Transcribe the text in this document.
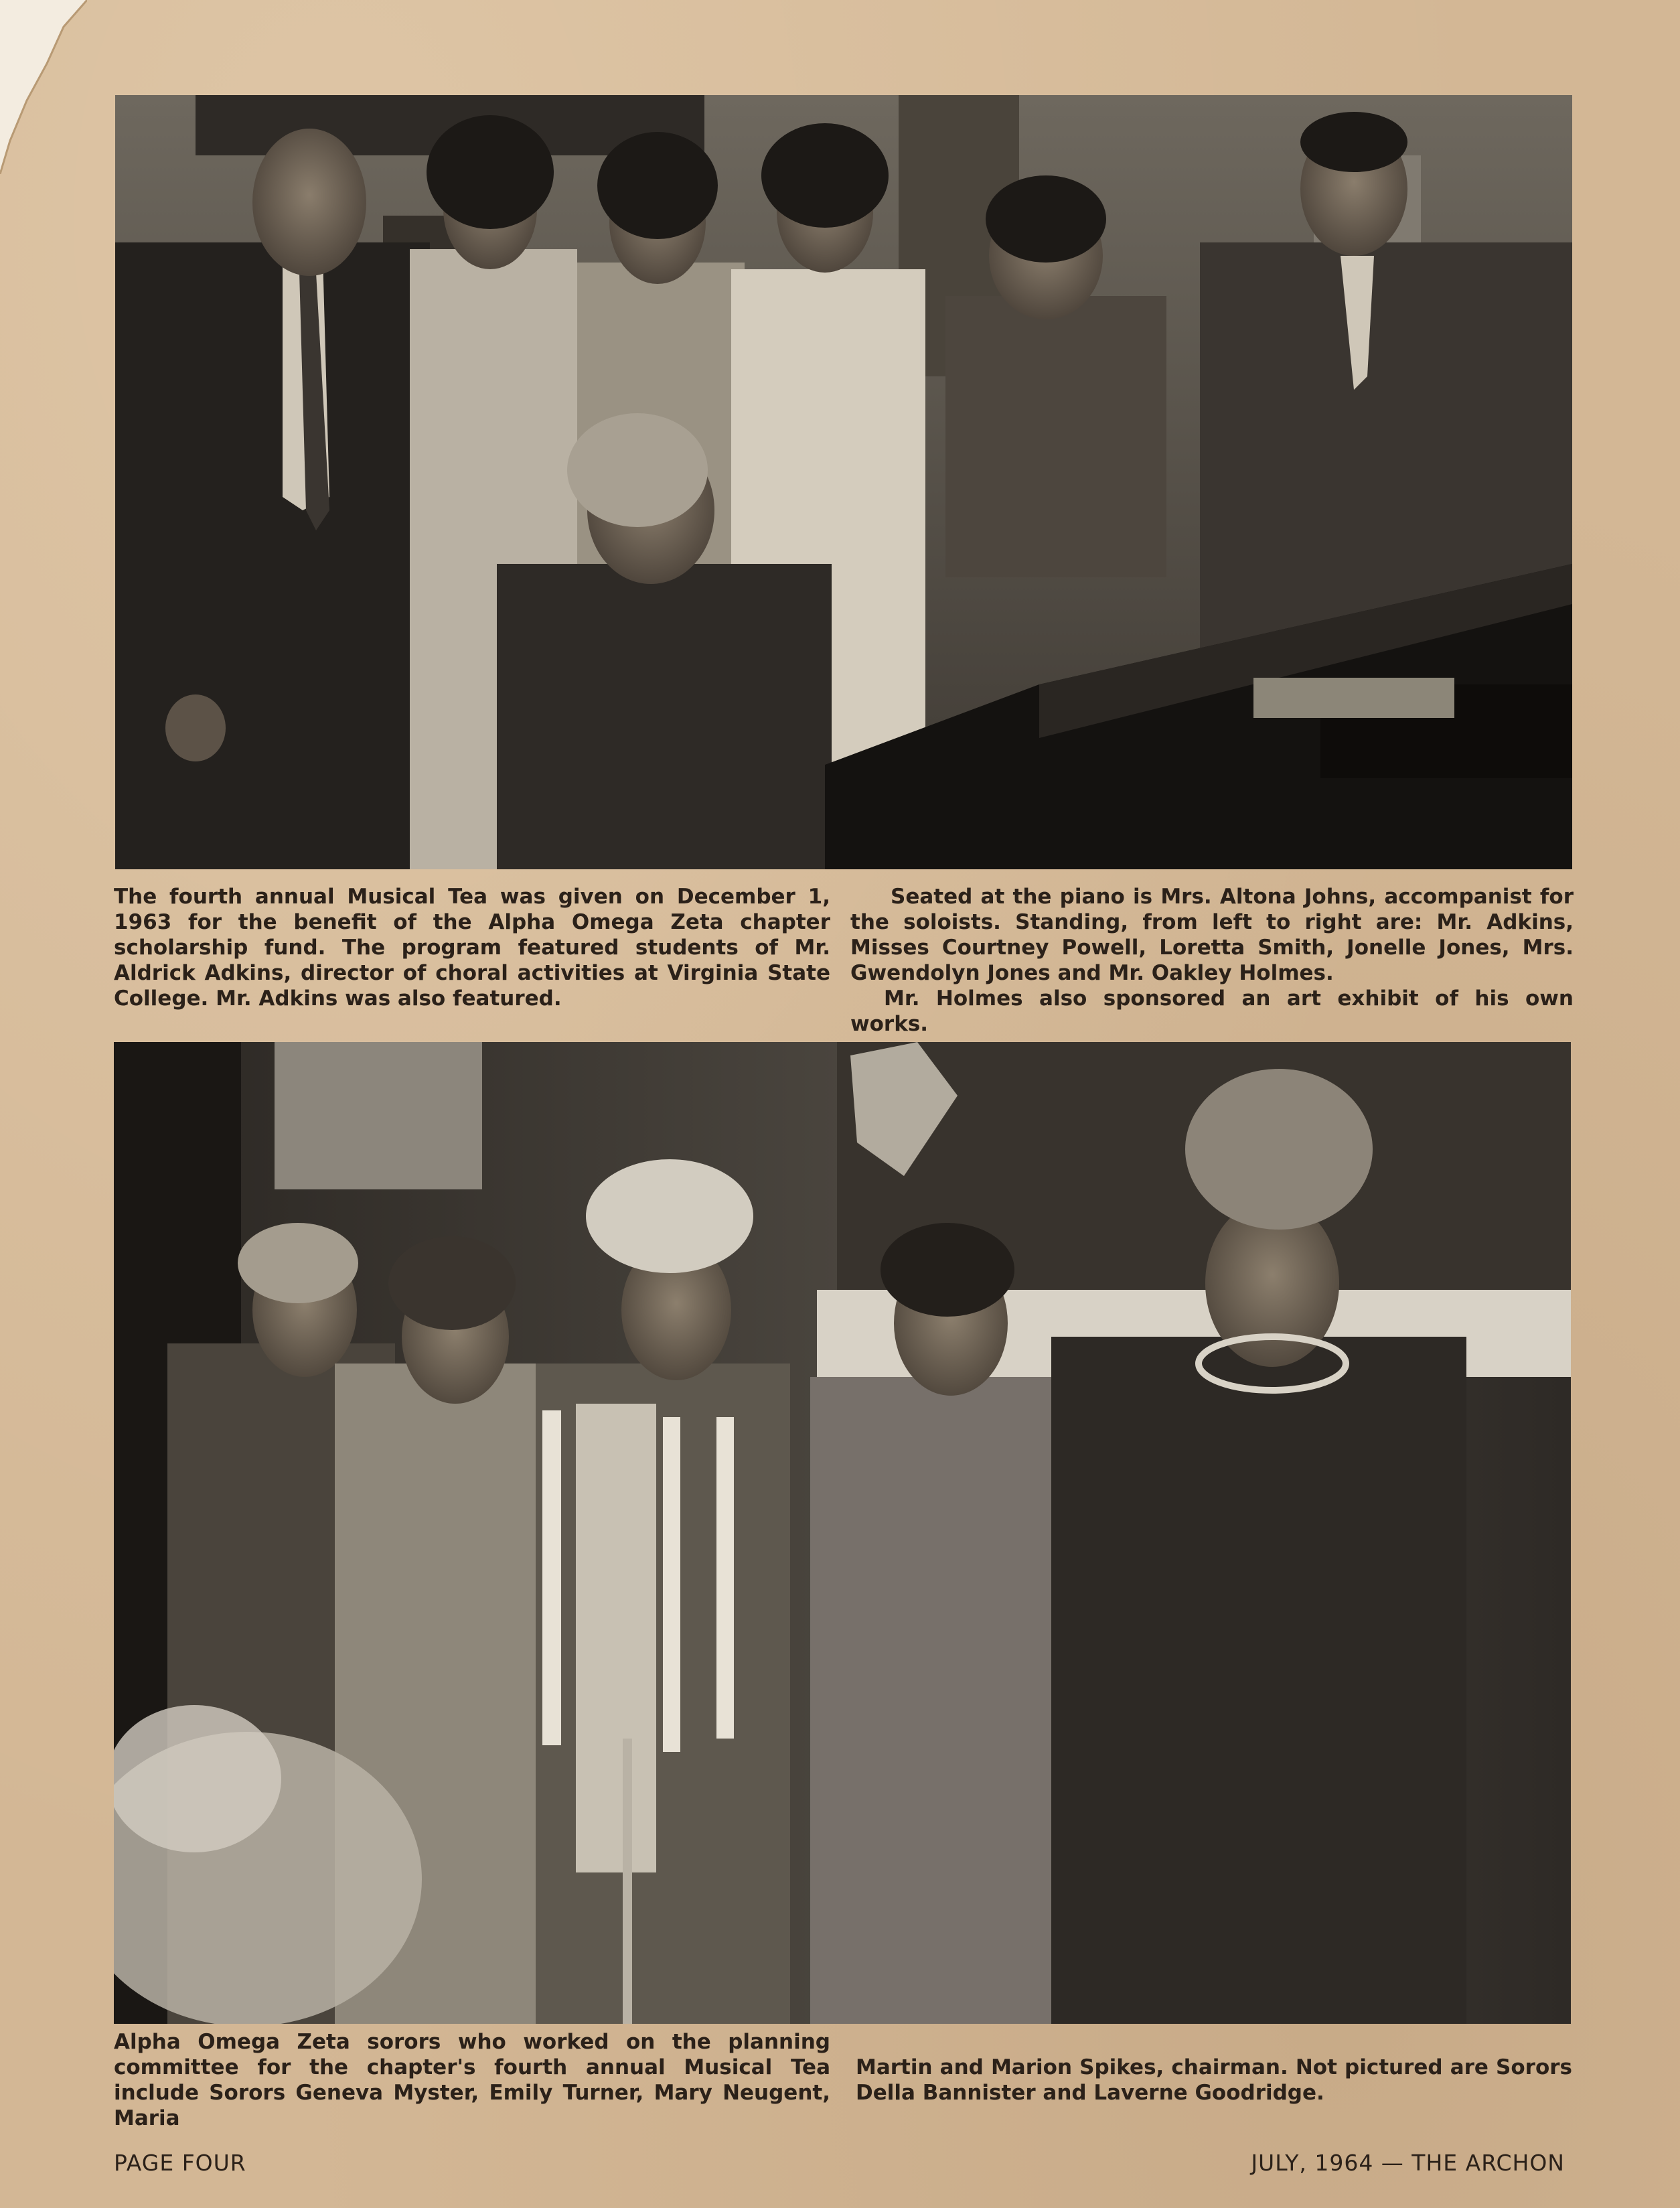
The fourth annual Musical Tea was given on December 1, 1963 for the benefit of the Alpha Omega Zeta chapter scholarship fund. The program featured students of Mr. Aldrick Adkins, director of choral activities at Virginia State College. Mr. Adkins was also featured.

Seated at the piano is Mrs. Altona Johns, accompanist for the soloists. Standing, from left to right are: Mr. Adkins, Misses Courtney Powell, Loretta Smith, Jonelle Jones, Mrs. Gwendolyn Jones and Mr. Oakley Holmes.

Mr. Holmes also sponsored an art exhibit of his own works.

Alpha Omega Zeta sorors who worked on the planning committee for the chapter's fourth annual Musical Tea include Sorors Geneva Myster, Emily Turner, Mary Neugent, Maria

Martin and Marion Spikes, chairman. Not pictured are Sorors Della Bannister and Laverne Goodridge.

PAGE FOUR	JULY, 1964 — THE ARCHON
